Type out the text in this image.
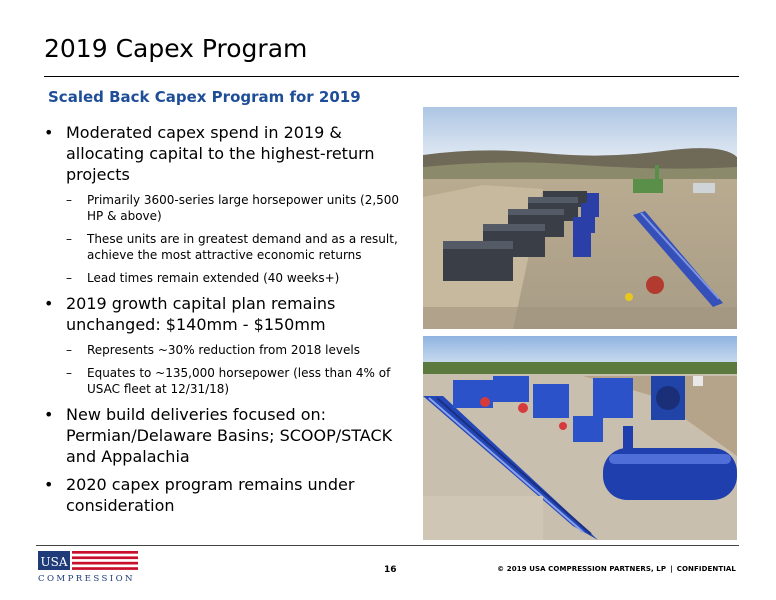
2019 Capex Program
Scaled Back Capex Program for 2019
• Moderated capex spend in 2019 & allocating capital to the highest-return projects
–	Primarily 3600-series large horsepower units (2,500 HP & above)
–	These units are in greatest demand and as a result, achieve the most attractive economic returns
–	Lead times remain extended (40 weeks+)
• 2019 growth capital plan remains unchanged: $140mm - $150mm
–	Represents ~30% reduction from 2018 levels
–	Equates to ~135,000 horsepower (less than 4% of USAC fleet at 12/31/18)
• New build deliveries focused on: Permian/Delaware Basins; SCOOP/STACK and Appalachia
• 2020 capex program remains under consideration
USA
COMPRESSION
16	© 2019 USA COMPRESSION PARTNERS, LP | CONFIDENTIAL
